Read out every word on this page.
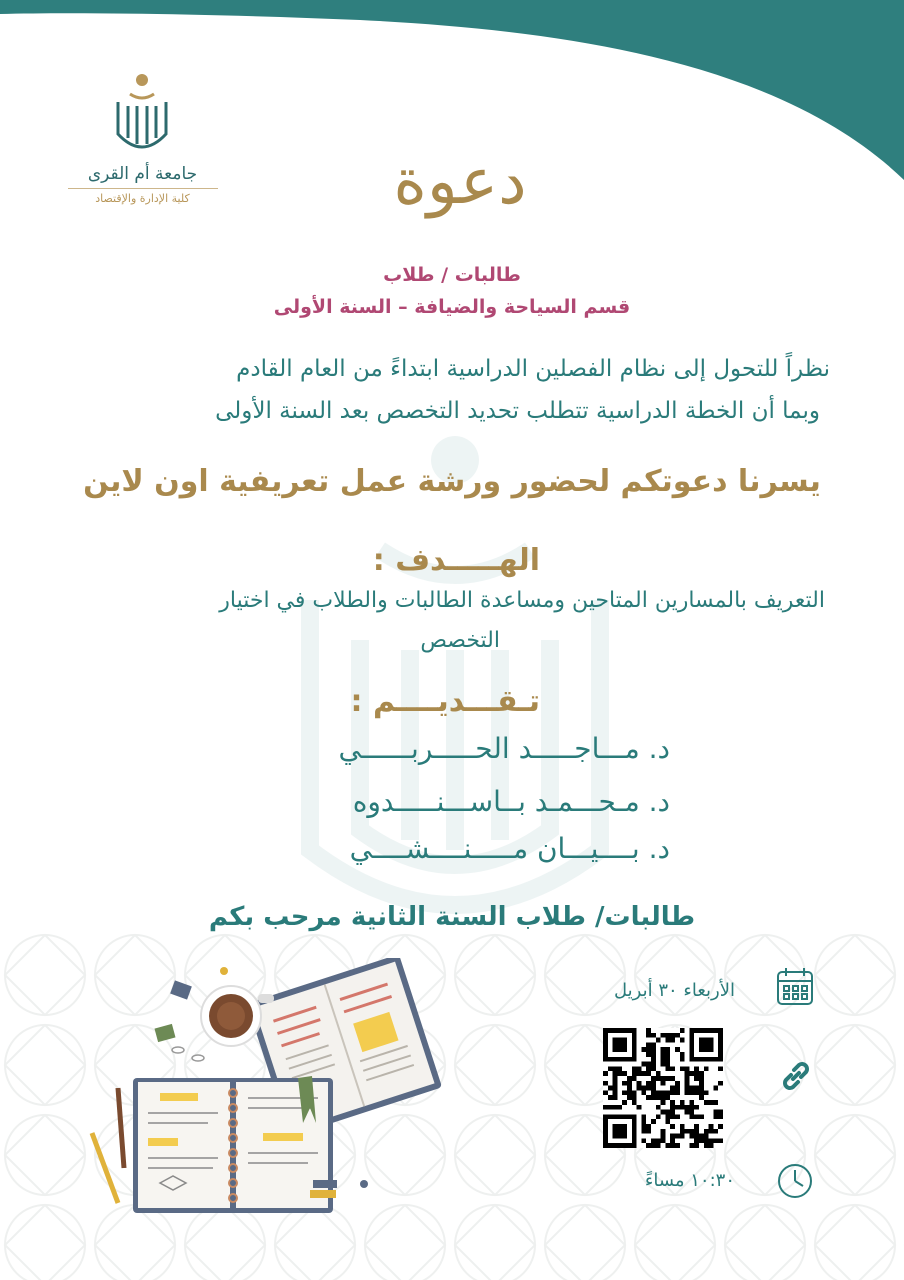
جامعة أم القرى
كلية الإدارة والإقتصاد	دعوة
طالبات / طلاب
قسم السياحة والضيافة – السنة الأولى
نظراً للتحول إلى نظام الفصلين الدراسية ابتداءً من العام القادم
وبما أن الخطة الدراسية تتطلب تحديد التخصص بعد السنة الأولى
يسرنا دعوتكم لحضور ورشة عمل تعريفية اون لاين
الهـــــدف :
التعريف بالمسارين المتاحين ومساعدة الطالبات والطلاب في اختيار
التخصص
تـقـــديــــم :
د. مـــاجـــــد الحـــــربــــــي
د. مـحـــمـد بــاســـنـــــدوه
د. بــــيـــان مـــــنــــشــــي
طالبات/ طلاب السنة الثانية مرحب بكم
الأربعاء ٣٠ أبريل
١٠:٣٠ مساءً
